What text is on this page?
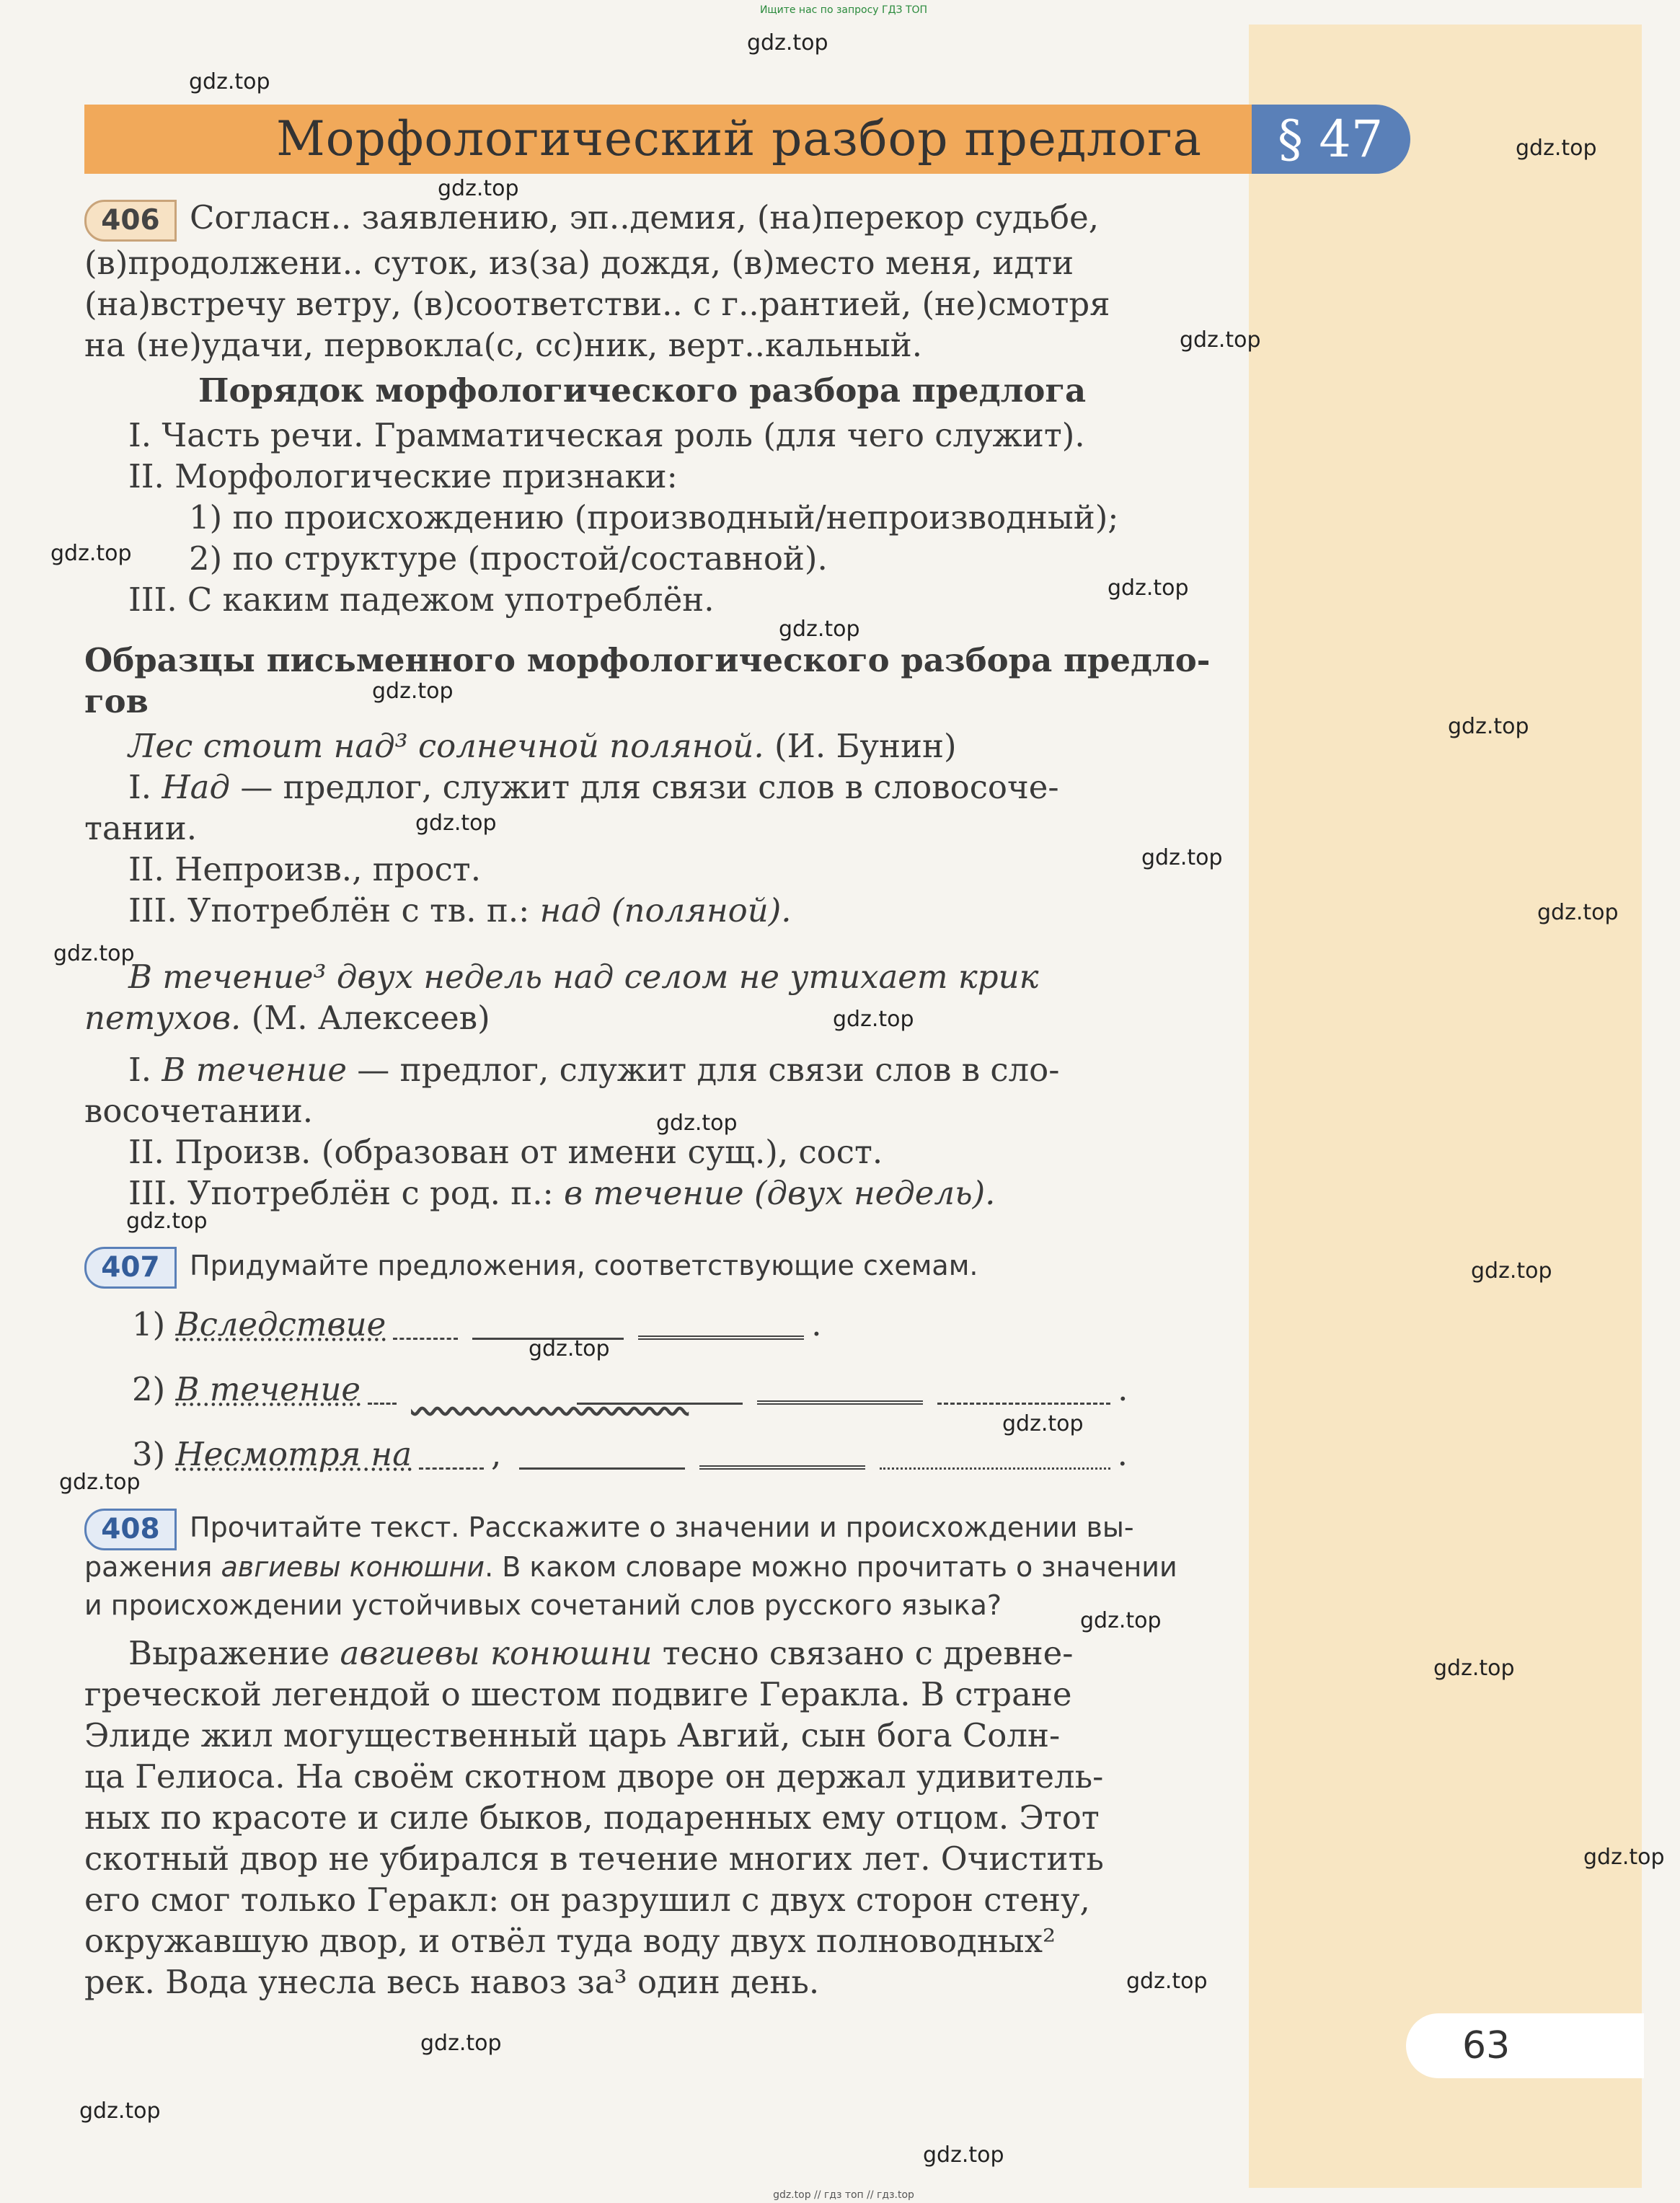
Ищите нас по запросу ГДЗ ТОП
Морфологический разбор предлога	§ 47
406 Согласн.. заявлению, эп..демия, (на)перекор судьбе,
(в)продолжени.. суток, из(за) дождя, (в)место меня, идти
(на)встречу ветру, (в)соответстви.. с г..рантией, (не)смотря
на (не)удачи, первокла(с, сс)ник, верт..кальный.
Порядок морфологического разбора предлога
I. Часть речи. Грамматическая роль (для чего служит).
II. Морфологические признаки:
1) по происхождению (производный/непроизводный);
2) по структуре (простой/составной).
III. С каким падежом употреблён.
Образцы письменного морфологического разбора предло-
гов
Лес стоит над³ солнечной поляной. (И. Бунин)
I. Над — предлог, служит для связи слов в словосоче-
тании.
II. Непроизв., прост.
III. Употреблён с тв. п.: над (поляной).
В течение³ двух недель над селом не утихает крик
петухов. (М. Алексеев)
I. В течение — предлог, служит для связи слов в сло-
восочетании.
II. Произв. (образован от имени сущ.), сост.
III. Употреблён с род. п.: в течение (двух недель).
407 Придумайте предложения, соответствующие схемам.
1) Вследствие	.
2) В течение	.
3) Несмотря на ,	.
408 Прочитайте текст. Расскажите о значении и происхождении вы-
ражения авгиевы конюшни. В каком словаре можно прочитать о значении
и происхождении устойчивых сочетаний слов русского языка?
Выражение авгиевы конюшни тесно связано с древне-
греческой легендой о шестом подвиге Геракла. В стране
Элиде жил могущественный царь Авгий, сын бога Солн-
ца Гелиоса. На своём скотном дворе он держал удивитель-
ных по красоте и силе быков, подаренных ему отцом. Этот
скотный двор не убирался в течение многих лет. Очистить
его смог только Геракл: он разрушил с двух сторон стену,
окружавшую двор, и отвёл туда воду двух полноводных²
рек. Вода унесла весь навоз за³ один день.
63
gdz.top // гдз топ // гдз.top
gdz.top
gdz.top
gdz.top
gdz.top
gdz.top
gdz.top
gdz.top
gdz.top
gdz.top
gdz.top
gdz.top
gdz.top
gdz.top
gdz.top
gdz.top
gdz.top
gdz.top
gdz.top
gdz.top
gdz.top
gdz.top
gdz.top
gdz.top
gdz.top
gdz.top
gdz.top
gdz.top
gdz.top
